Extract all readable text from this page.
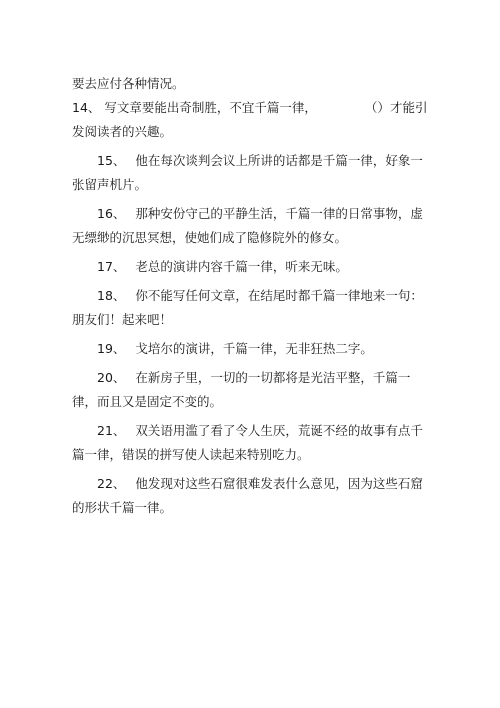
要去应付各种情况。

14、 写文章要能出奇制胜，不宜千篇一律，	（）才能引发阅读者的兴趣。

15、 他在每次谈判会议上所讲的话都是千篇一律，好象一张留声机片。

16、 那种安份守己的平静生活，千篇一律的日常事物，虚无缥缈的沉思冥想，使她们成了隐修院外的修女。

17、 老总的演讲内容千篇一律，听来无味。

18、 你不能写任何文章，在结尾时都千篇一律地来一句：朋友们！起来吧！

19、 戈培尔的演讲，千篇一律，无非狂热二字。

20、 在新房子里，一切的一切都将是光洁平整，千篇一律，而且又是固定不变的。

21、 双关语用滥了看了令人生厌，荒诞不经的故事有点千篇一律，错误的拼写使人读起来特别吃力。

22、 他发现对这些石窟很难发表什么意见，因为这些石窟的形状千篇一律。
